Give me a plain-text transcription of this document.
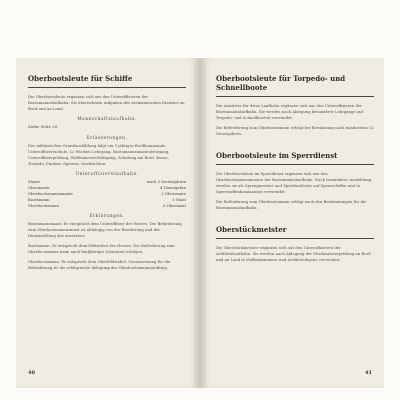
Oberbootsleute für Schiffe

Die Oberbootsleute ergänzen sich aus den Unteroffizieren der Bootsmannslaufbahn. Sie übernehmen Aufgaben des seemännischen Dienstes an Bord und an Land.

Mannschaftslaufbahn.
Siehe Seite 20.
Erläuterungen.

Der militärischen Grundausbildung folgt ein 3 jähriger Bordkommando. Unteroffiziersschule, 12 Wochen Lehrgang. Bootsmannsmaatenlehrgang, Unteroffizierprüfung, Waffenmeisterlehrgang, Schulung am Bord, Kurse, Torpedo, Funken, Sperren, Nachrichten.

Unteroffizierslaufbahn.
Maate	nach 3 Dienstjahren
Obermaate	4 Dienstjahre
Oberbootsmannsmaate	2 Oberwaate
Bootsmann	5 Maat
Oberbootsmann	6 Obermaat
Erklärungen.

Bootsmannsmaat: Er entspricht dem Unteroffizier der Heeres. Die Beförderung zum Oberbootsmannsmaat ist abhängig von der Bewährung und der Dienststellung des Anwärters.

Bootsmann: Er entspricht dem Feldwebel des Heeres. Die Beförderung zum Oberbootsmann kann nach fünfjähriger Dienstzeit erfolgen.

Oberbootsmann: Er entspricht dem Oberfeldwebel. Voraussetzung für die Beförderung ist die erfolgreiche Ablegung der Oberbootsmannsprüfung.

40
Oberbootsleute für Torpedo- und Schnellboote

Die Anwärter für diese Laufbahn ergänzen sich aus den Unteroffizieren der Bootsmannslaufbahn. Sie werden nach Ablegung besonderer Lehrgänge auf Torpedo- und Schnellbooten verwendet.

Die Beförderung zum Oberbootsmann erfolgt bei Bewährung nach mindestens 12 Dienstjahren.

Oberbootsleute im Sperrdienst

Die Oberbootsleute im Sperrdienst ergänzen sich aus den Oberbootsmannsmaaten der Bootsmannslaufbahn. Nach besonderer Ausbildung werden sie als Sprengmeister und Sperrfachleute auf Sperrschiffen und in Sperrwaffenkommandos verwendet.

Die Beförderung zum Oberbootsmann erfolgt nach den Bestimmungen für die Bootsmannslaufbahn.

Oberstückmeister

Die Oberstückmeister ergänzen sich aus den Unteroffizieren der Artillerielaufbahn. Sie werden nach Ablegung der Stückmeisterprüfung an Bord und an Land in Waffenkammern und Artilleriedepots verwendet.

41
